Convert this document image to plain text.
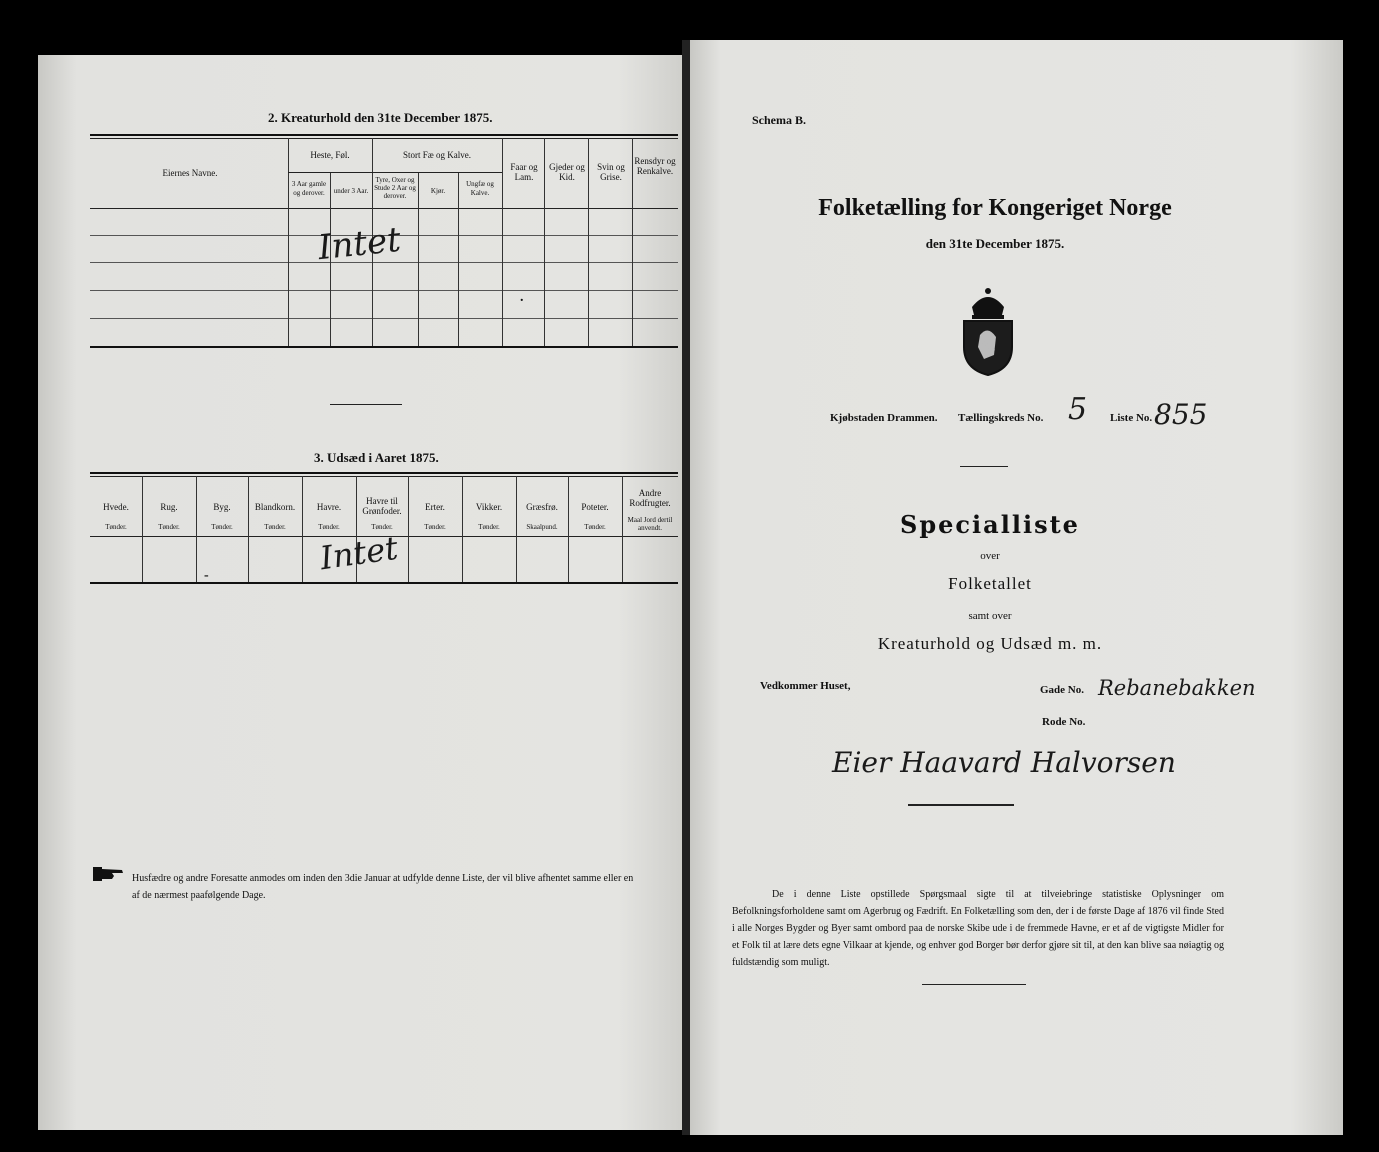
2. Kreaturhold den 31te December 1875.
Eiernes Navne.
Heste, Føl.
3 Aar gamle og derover.	under 3 Aar.
Stort Fæ og Kalve.
Tyre, Oxer og Stude 2 Aar og derover.
Kjør.
Ungfæ og Kalve.
Faar og Lam.
Gjeder og Kid.
Svin og Grise.
Rensdyr og Renkalve.
Intet
.
3. Udsæd i Aaret 1875.
Hvede.
Tønder.
Rug.
Tønder.
Byg.
Tønder.
Blandkorn.
Tønder.
Havre.
Tønder.
Havre til Grønfoder.
Tønder.
Erter.
Tønder.
Vikker.
Tønder.
Græsfrø.
Skaalpund.
Poteter.
Tønder.
Andre Rodfrugter.
Maal Jord dertil anvendt.
Intet
-
Husfædre og andre Foresatte anmodes om inden den 3die Januar at udfylde denne Liste, der vil blive afhentet samme eller en af de nærmest paafølgende Dage.
Schema B.
Folketælling for Kongeriget Norge
den 31te December 1875.
Kjøbstaden Drammen. Tællingskreds No. 5 Liste No. 855
Specialliste
over
Folketallet
samt over
Kreaturhold og Udsæd m. m.
Vedkommer Huset,	Gade No. Rebanebakken
Rode No.
Eier Haavard Halvorsen
De i denne Liste opstillede Spørgsmaal sigte til at tilveiebringe statistiske Oplysninger om Befolkningsforholdene samt om Agerbrug og Fædrift. En Folketælling som den, der i de første Dage af 1876 vil finde Sted i alle Norges Bygder og Byer samt ombord paa de norske Skibe ude i de fremmede Havne, er et af de vigtigste Midler for et Folk til at lære dets egne Vilkaar at kjende, og enhver god Borger bør derfor gjøre sit til, at den kan blive saa nøiagtig og fuldstændig som muligt.
